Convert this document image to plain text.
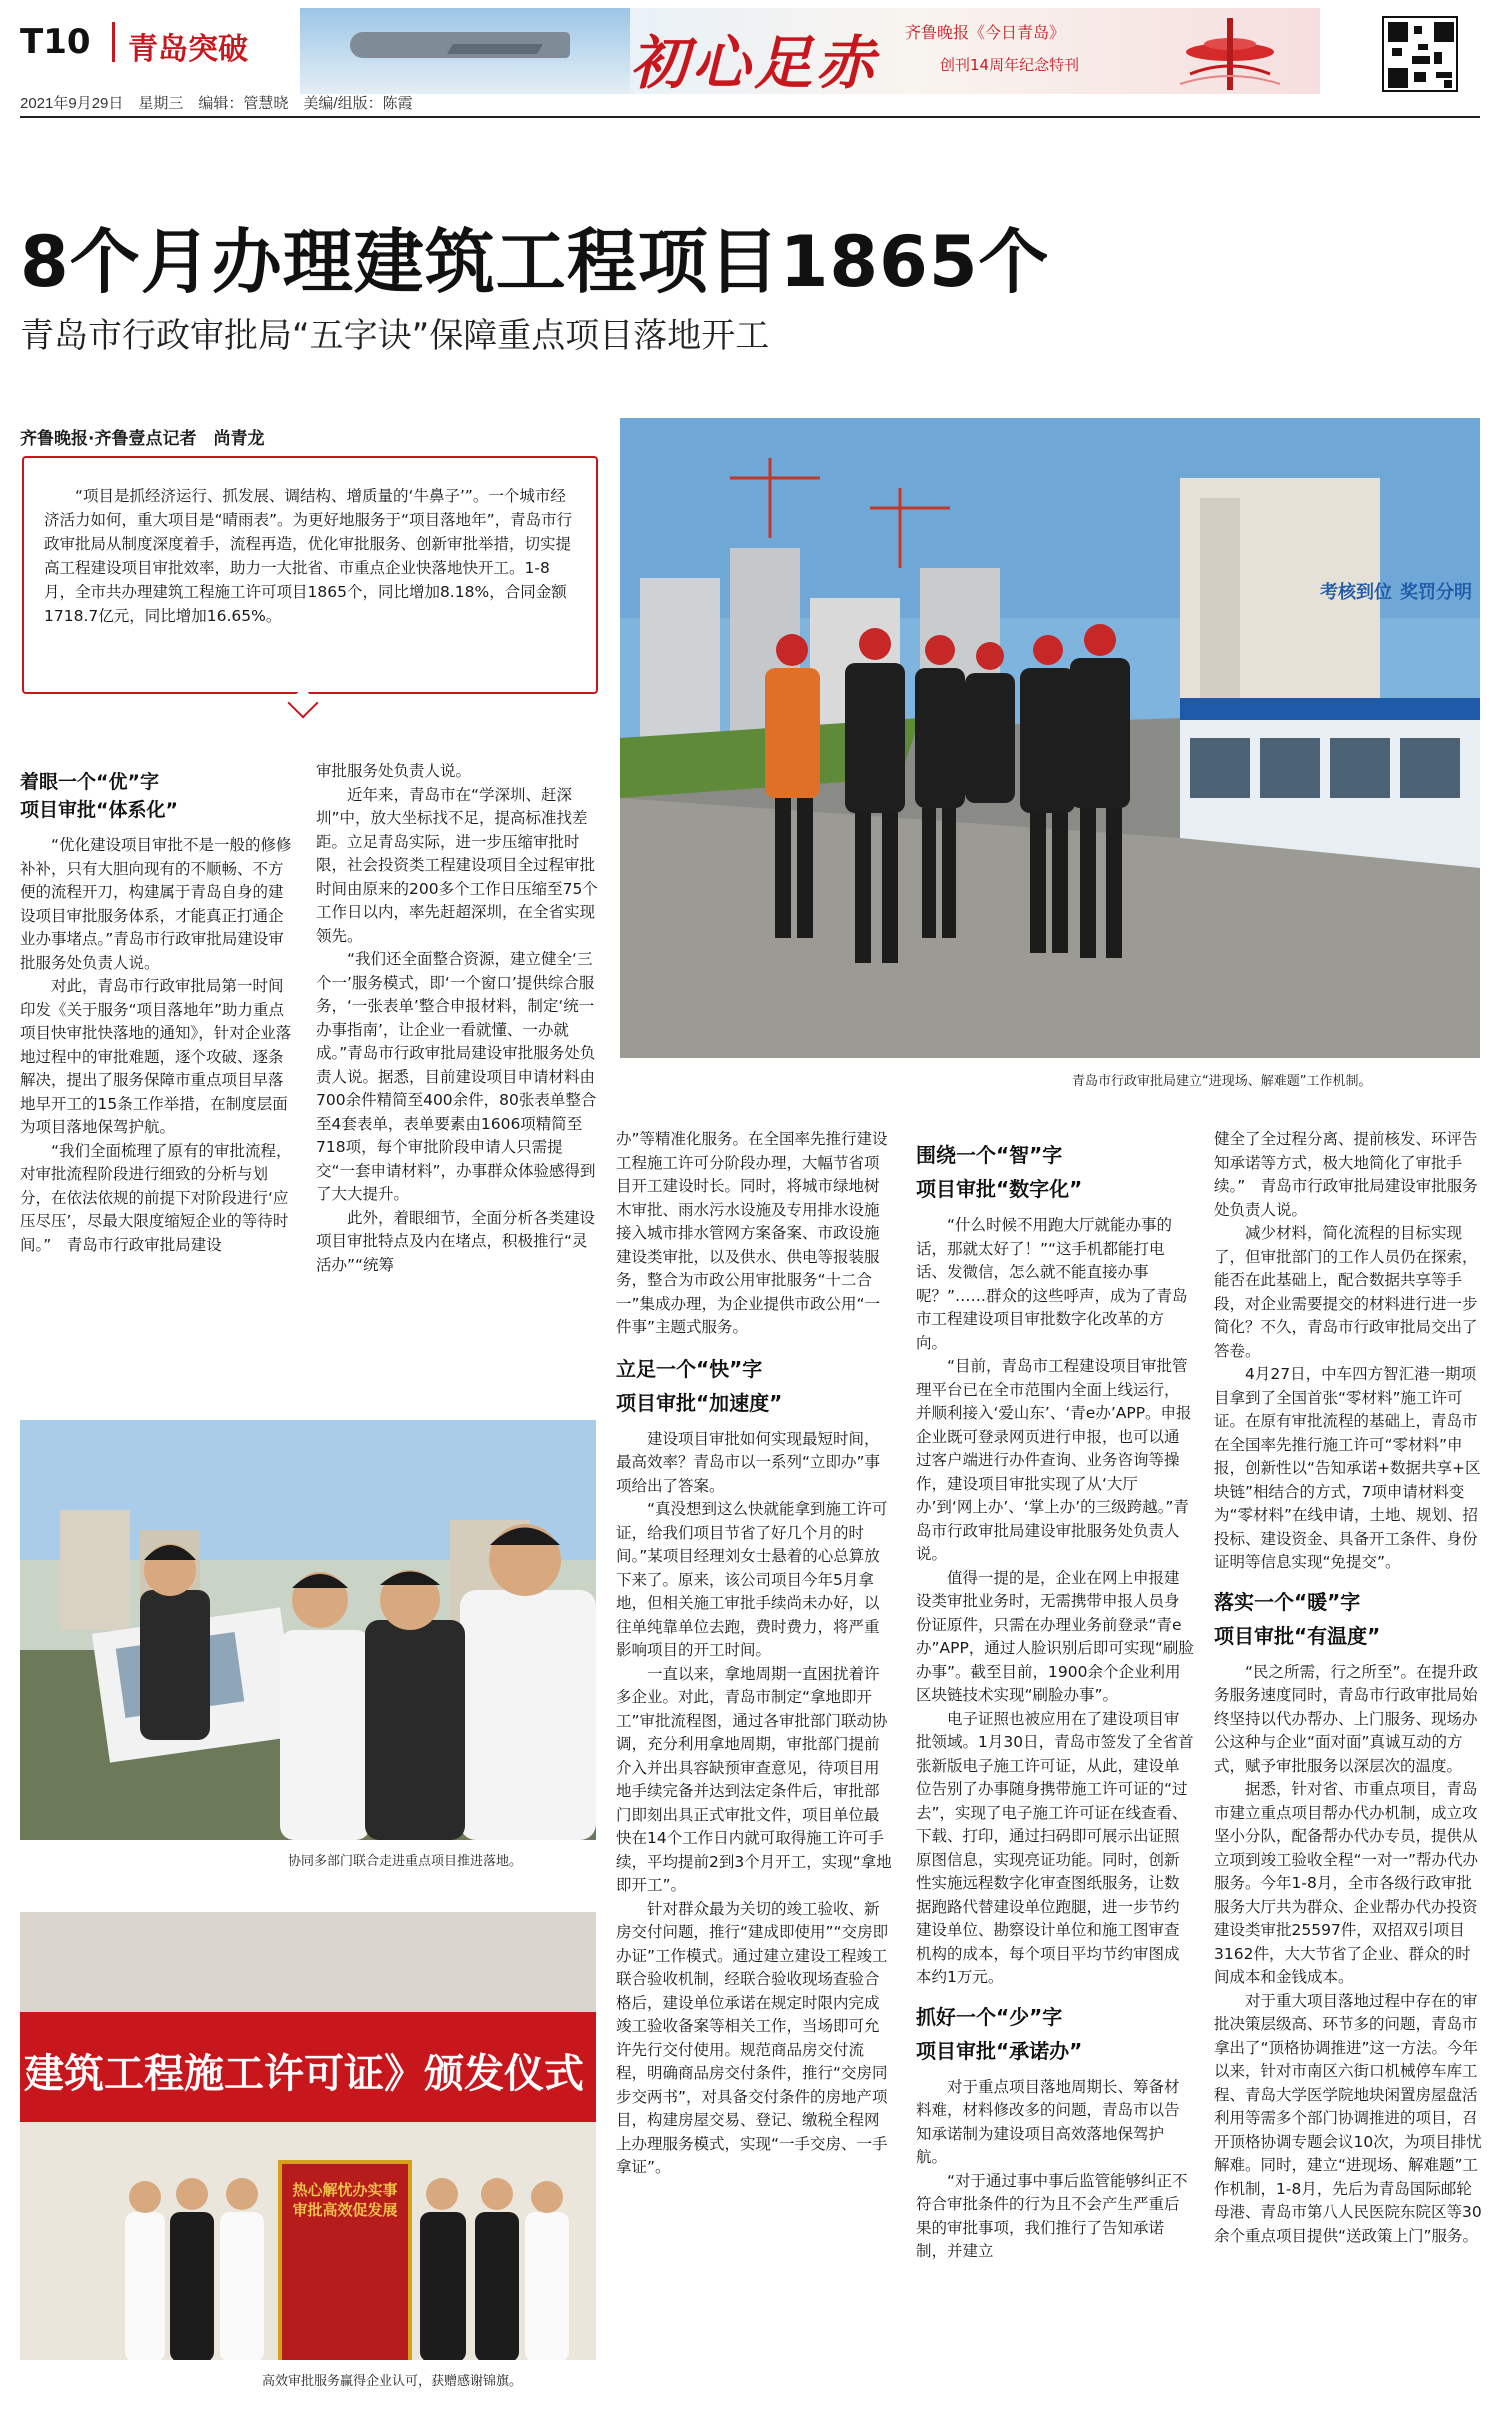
T10 青岛突破	初心足赤 齐鲁晚报《今日青岛》
创刊14周年纪念特刊
2021年9月29日　星期三　编辑：管慧晓　美编/组版：陈霞
8个月办理建筑工程项目1865个
青岛市行政审批局“五字诀”保障重点项目落地开工
齐鲁晚报·齐鲁壹点记者　尚青龙
“项目是抓经济运行、抓发展、调结构、增质量的‘牛鼻子’”。一个城市经济活力如何，重大项目是“晴雨表”。为更好地服务于“项目落地年”，青岛市行政审批局从制度深度着手，流程再造，优化审批服务、创新审批举措，切实提高工程建设项目审批效率，助力一大批省、市重点企业快落地快开工。1-8月，全市共办理建筑工程施工许可项目1865个，同比增加8.18%，合同金额1718.7亿元，同比增加16.65%。
考核到位 奖罚分明
青岛市行政审批局建立“进现场、解难题”工作机制。
着眼一个“优”字
项目审批“体系化”

“优化建设项目审批不是一般的修修补补，只有大胆向现有的不顺畅、不方便的流程开刀，构建属于青岛自身的建设项目审批服务体系，才能真正打通企业办事堵点。”青岛市行政审批局建设审批服务处负责人说。

对此，青岛市行政审批局第一时间印发《关于服务“项目落地年”助力重点项目快审批快落地的通知》，针对企业落地过程中的审批难题，逐个攻破、逐条解决，提出了服务保障市重点项目早落地早开工的15条工作举措，在制度层面为项目落地保驾护航。

“我们全面梳理了原有的审批流程，对审批流程阶段进行细致的分析与划分，在依法依规的前提下对阶段进行‘应压尽压’，尽最大限度缩短企业的等待时间。”　青岛市行政审批局建设

审批服务处负责人说。

近年来，青岛市在“学深圳、赶深圳”中，放大坐标找不足，提高标准找差距。立足青岛实际，进一步压缩审批时限，社会投资类工程建设项目全过程审批时间由原来的200多个工作日压缩至75个工作日以内，率先赶超深圳，在全省实现领先。

“我们还全面整合资源，建立健全‘三个一’服务模式，即‘一个窗口’提供综合服务，‘一张表单’整合申报材料，制定‘统一办事指南’，让企业一看就懂、一办就成。”青岛市行政审批局建设审批服务处负责人说。据悉，目前建设项目申请材料由700余件精简至400余件，80张表单整合至4套表单，表单要素由1606项精简至718项，每个审批阶段申请人只需提交“一套申请材料”，办事群众体验感得到了大大提升。

此外，着眼细节，全面分析各类建设项目审批特点及内在堵点，积极推行“灵活办”“统筹

协同多部门联合走进重点项目推进落地。
建筑工程施工许可证》颁发仪式
热心解忧办实事 审批高效促发展
高效审批服务赢得企业认可，获赠感谢锦旗。

办”等精准化服务。在全国率先推行建设工程施工许可分阶段办理，大幅节省项目开工建设时长。同时，将城市绿地树木审批、雨水污水设施及专用排水设施接入城市排水管网方案备案、市政设施建设类审批，以及供水、供电等报装服务，整合为市政公用审批服务“十二合一”集成办理，为企业提供市政公用“一件事”主题式服务。

立足一个“快”字
项目审批“加速度”

建设项目审批如何实现最短时间，最高效率？青岛市以一系列“立即办”事项给出了答案。

“真没想到这么快就能拿到施工许可证，给我们项目节省了好几个月的时间。”某项目经理刘女士悬着的心总算放下来了。原来，该公司项目今年5月拿地，但相关施工审批手续尚未办好，以往单纯靠单位去跑，费时费力，将严重影响项目的开工时间。

一直以来，拿地周期一直困扰着许多企业。对此，青岛市制定“拿地即开工”审批流程图，通过各审批部门联动协调，充分利用拿地周期，审批部门提前介入并出具容缺预审查意见，待项目用地手续完备并达到法定条件后，审批部门即刻出具正式审批文件，项目单位最快在14个工作日内就可取得施工许可手续，平均提前2到3个月开工，实现“拿地即开工”。

针对群众最为关切的竣工验收、新房交付问题，推行“建成即使用”“交房即办证”工作模式。通过建立建设工程竣工联合验收机制，经联合验收现场查验合格后，建设单位承诺在规定时限内完成竣工验收备案等相关工作，当场即可允许先行交付使用。规范商品房交付流程，明确商品房交付条件，推行“交房同步交两书”，对具备交付条件的房地产项目，构建房屋交易、登记、缴税全程网上办理服务模式，实现“一手交房、一手拿证”。

围绕一个“智”字
项目审批“数字化”

“什么时候不用跑大厅就能办事的话，那就太好了！”“这手机都能打电话、发微信，怎么就不能直接办事呢？”……群众的这些呼声，成为了青岛市工程建设项目审批数字化改革的方向。

“目前，青岛市工程建设项目审批管理平台已在全市范围内全面上线运行，并顺利接入‘爱山东’、‘青e办’APP。申报企业既可登录网页进行申报，也可以通过客户端进行办件查询、业务咨询等操作，建设项目审批实现了从‘大厅办’到‘网上办’、‘掌上办’的三级跨越。”青岛市行政审批局建设审批服务处负责人说。

值得一提的是，企业在网上申报建设类审批业务时，无需携带申报人员身份证原件，只需在办理业务前登录“青e办”APP，通过人脸识别后即可实现“刷脸办事”。截至目前，1900余个企业利用区块链技术实现“刷脸办事”。

电子证照也被应用在了建设项目审批领域。1月30日，青岛市签发了全省首张新版电子施工许可证，从此，建设单位告别了办事随身携带施工许可证的“过去”，实现了电子施工许可证在线查看、下载、打印，通过扫码即可展示出证照原图信息，实现亮证功能。同时，创新性实施远程数字化审查图纸服务，让数据跑路代替建设单位跑腿，进一步节约建设单位、勘察设计单位和施工图审查机构的成本，每个项目平均节约审图成本约1万元。

抓好一个“少”字
项目审批“承诺办”

对于重点项目落地周期长、筹备材料难，材料修改多的问题，青岛市以告知承诺制为建设项目高效落地保驾护航。

“对于通过事中事后监管能够纠正不符合审批条件的行为且不会产生严重后果的审批事项，我们推行了告知承诺制，并建立

健全了全过程分离、提前核发、环评告知承诺等方式，极大地简化了审批手续。”　青岛市行政审批局建设审批服务处负责人说。

减少材料，简化流程的目标实现了，但审批部门的工作人员仍在探索，能否在此基础上，配合数据共享等手段，对企业需要提交的材料进行进一步简化？不久，青岛市行政审批局交出了答卷。

4月27日，中车四方智汇港一期项目拿到了全国首张“零材料”施工许可证。在原有审批流程的基础上，青岛市在全国率先推行施工许可“零材料”申报，创新性以“告知承诺+数据共享+区块链”相结合的方式，7项申请材料变为“零材料”在线申请，土地、规划、招投标、建设资金、具备开工条件、身份证明等信息实现“免提交”。

落实一个“暖”字
项目审批“有温度”

“民之所需，行之所至”。在提升政务服务速度同时，青岛市行政审批局始终坚持以代办帮办、上门服务、现场办公这种与企业“面对面”真诚互动的方式，赋予审批服务以深层次的温度。

据悉，针对省、市重点项目，青岛市建立重点项目帮办代办机制，成立攻坚小分队，配备帮办代办专员，提供从立项到竣工验收全程“一对一”帮办代办服务。今年1-8月，全市各级行政审批服务大厅共为群众、企业帮办代办投资建设类审批25597件，双招双引项目3162件，大大节省了企业、群众的时间成本和金钱成本。

对于重大项目落地过程中存在的审批决策层级高、环节多的问题，青岛市拿出了“顶格协调推进”这一方法。今年以来，针对市南区六街口机械停车库工程、青岛大学医学院地块闲置房屋盘活利用等需多个部门协调推进的项目，召开顶格协调专题会议10次，为项目排忧解难。同时，建立“进现场、解难题”工作机制，1-8月，先后为青岛国际邮轮母港、青岛市第八人民医院东院区等30余个重点项目提供“送政策上门”服务。
